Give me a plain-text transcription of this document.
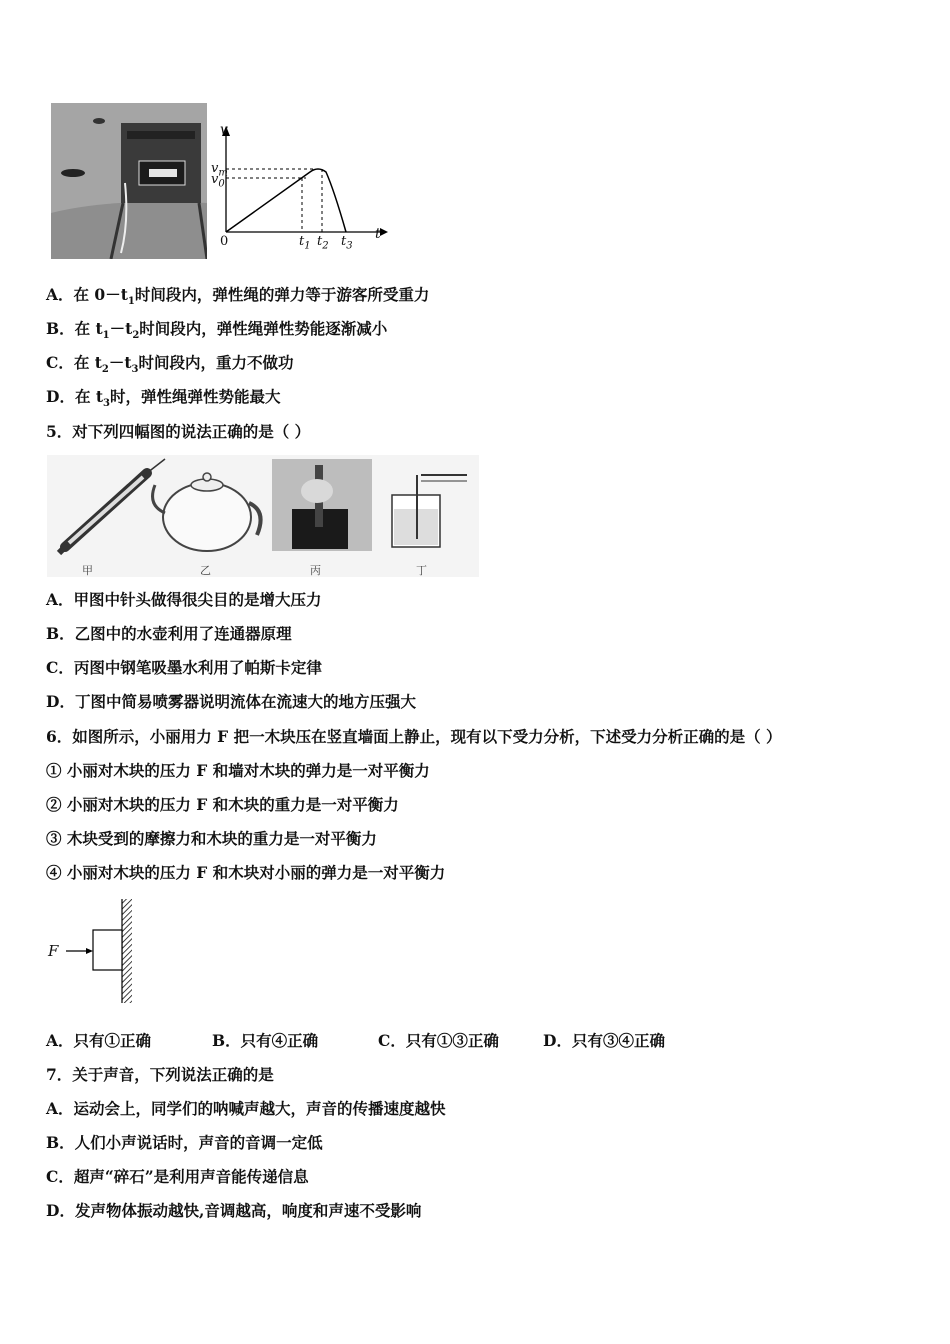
v
t
$v_m$
$v_0$
0	$t_1$ $t_2$ $t_3$
A．在 $0-t_1$时间段内，弹性绳的弹力等于游客所受重力
B．在 $t_1-t_2$时间段内，弹性绳弹性势能逐渐减小
C．在 $t_2-t_3$时间段内，重力不做功
D．在 $t_3$时，弹性绳弹性势能最大
5．对下列四幅图的说法正确的是（ ）
甲	乙	丙	丁
A．甲图中针头做得很尖目的是增大压力
B．乙图中的水壶利用了连通器原理
C．丙图中钢笔吸墨水利用了帕斯卡定律
D．丁图中简易喷雾器说明流体在流速大的地方压强大
6．如图所示，小丽用力 F 把一木块压在竖直墙面上静止，现有以下受力分析，下述受力分析正确的是（ ）
① 小丽对木块的压力 F 和墙对木块的弹力是一对平衡力
② 小丽对木块的压力 F 和木块的重力是一对平衡力
③ 木块受到的摩擦力和木块的重力是一对平衡力
④ 小丽对木块的压力 F 和木块对小丽的弹力是一对平衡力
F
A．只有①正确	B．只有④正确	C．只有①③正确	D．只有③④正确
7．关于声音，下列说法正确的是
A．运动会上，同学们的呐喊声越大，声音的传播速度越快
B．人们小声说话时，声音的音调一定低
C．超声“碎石”是利用声音能传递信息
D．发声物体振动越快,音调越高，响度和声速不受影响
